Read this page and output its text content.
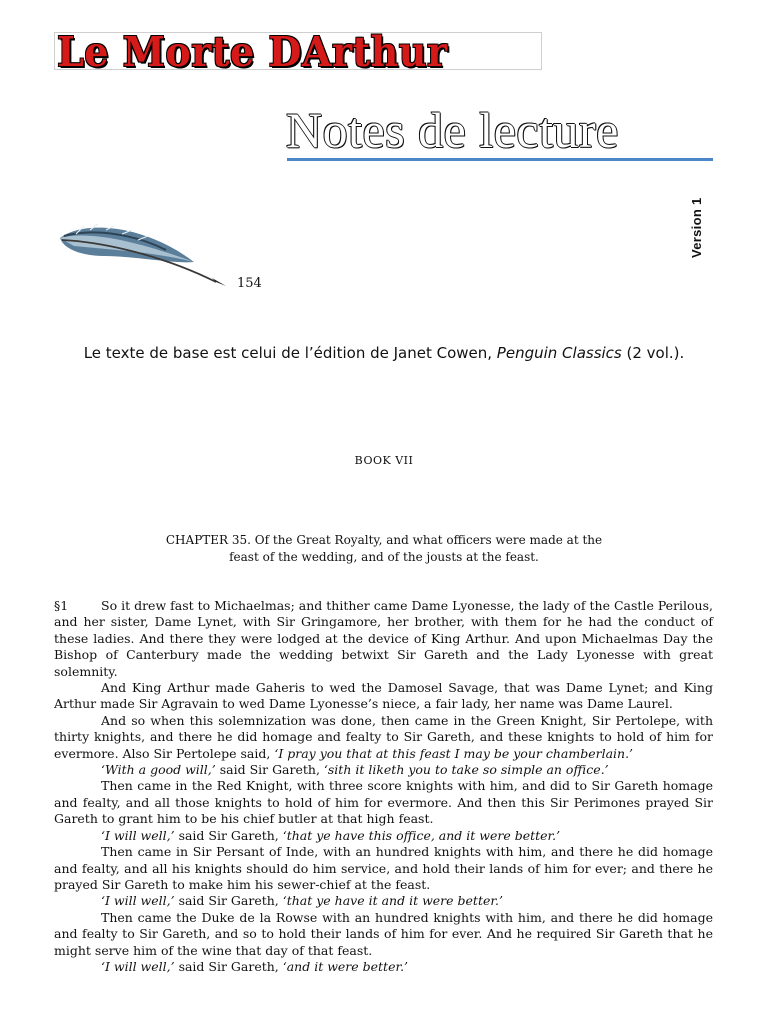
Le Morte DArthur
Notes de lecture
Version 1
154
Le texte de base est celui de l’édition de Janet Cowen, Penguin Classics (2 vol.).
BOOK VII
CHAPTER 35. Of the Great Royalty, and what officers were made at the
feast of the wedding, and of the jousts at the feast.

§1	So it drew fast to Michaelmas; and thither came Dame Lyonesse, the lady of the Castle Perilous, and her sister, Dame Lynet, with Sir Gringamore, her brother, with them for he had the conduct of these ladies. And there they were lodged at the device of King Arthur. And upon Michaelmas Day the Bishop of Canterbury made the wedding betwixt Sir Gareth and the Lady Lyonesse with great solemnity.

And King Arthur made Gaheris to wed the Damosel Savage, that was Dame Lynet; and King Arthur made Sir Agravain to wed Dame Lyonesse’s niece, a fair lady, her name was Dame Laurel.

And so when this solemnization was done, then came in the Green Knight, Sir Pertolepe, with thirty knights, and there he did homage and fealty to Sir Gareth, and these knights to hold of him for evermore. Also Sir Pertolepe said, ‘I pray you that at this feast I may be your chamberlain.’

‘With a good will,’ said Sir Gareth, ‘sith it liketh you to take so simple an office.’

Then came in the Red Knight, with three score knights with him, and did to Sir Gareth homage and fealty, and all those knights to hold of him for evermore. And then this Sir Perimones prayed Sir Gareth to grant him to be his chief butler at that high feast.

‘I will well,’ said Sir Gareth, ‘that ye have this office, and it were better.’

Then came in Sir Persant of Inde, with an hundred knights with him, and there he did homage and fealty, and all his knights should do him service, and hold their lands of him for ever; and there he prayed Sir Gareth to make him his sewer-chief at the feast.

‘I will well,’ said Sir Gareth, ‘that ye have it and it were better.’

Then came the Duke de la Rowse with an hundred knights with him, and there he did homage and fealty to Sir Gareth, and so to hold their lands of him for ever. And he required Sir Gareth that he might serve him of the wine that day of that feast.

‘I will well,’ said Sir Gareth, ‘and it were better.’
